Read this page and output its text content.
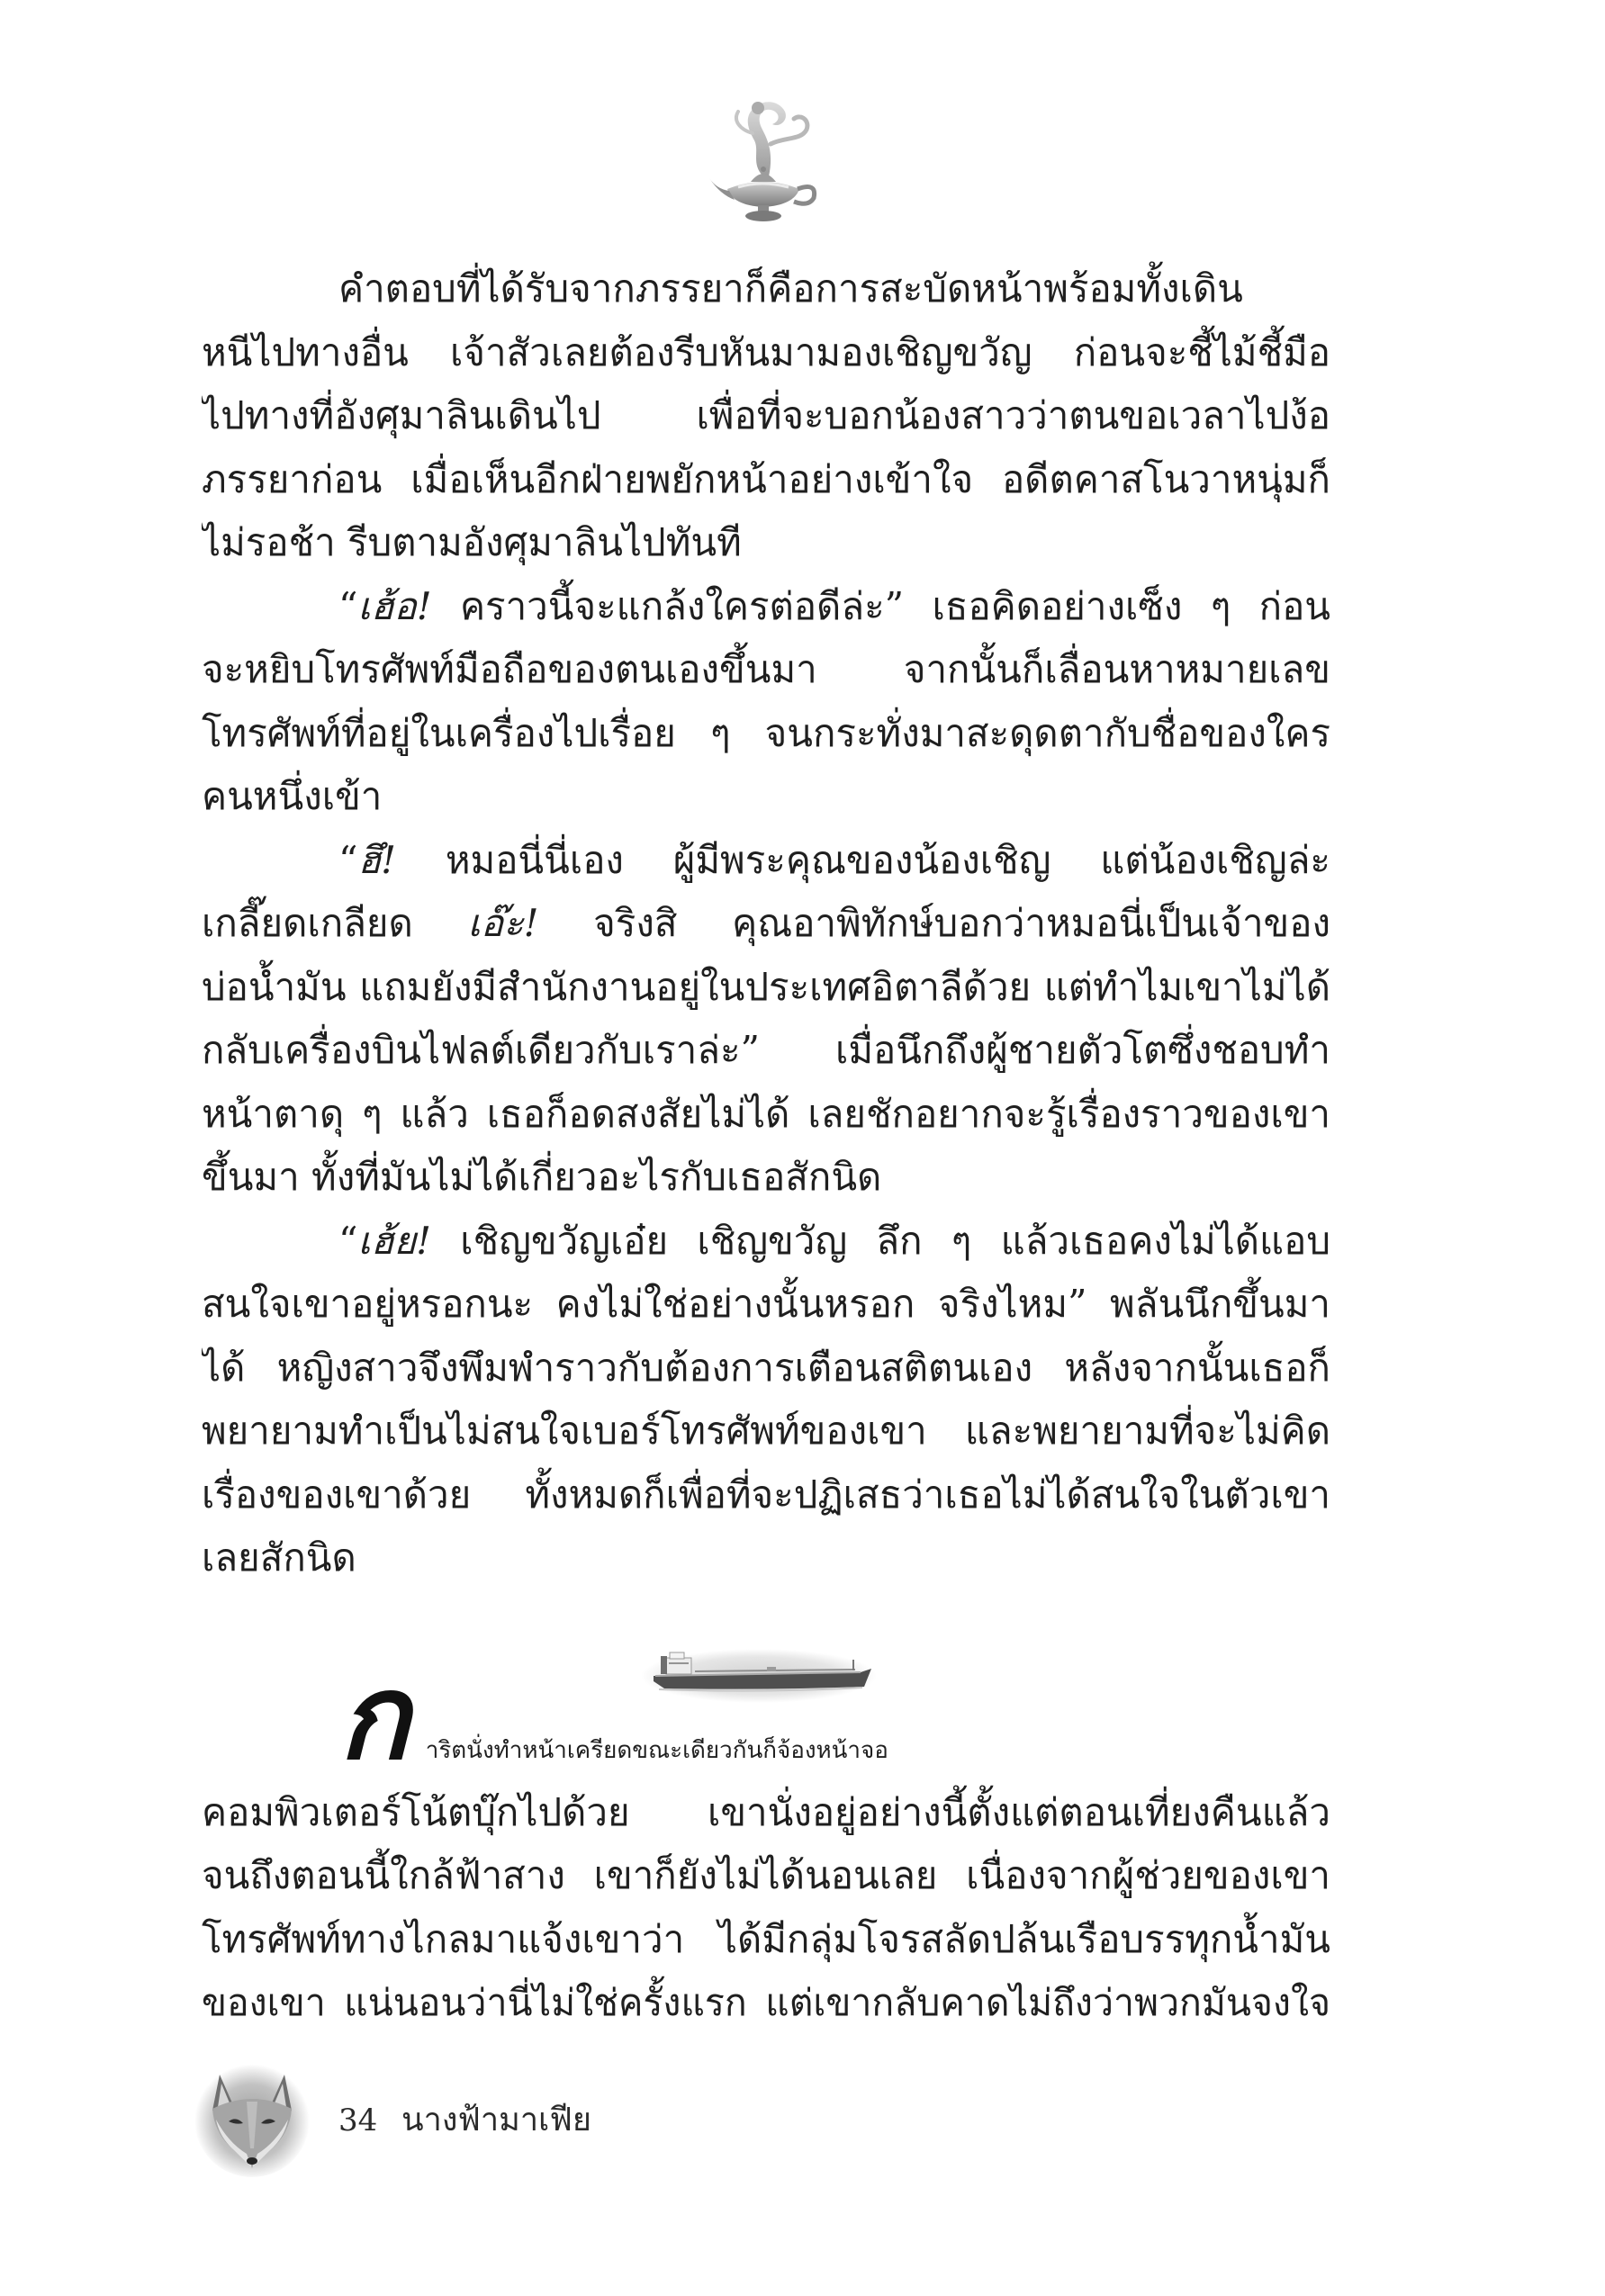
คำตอบที่ได้รับจากภรรยาก็คือการสะบัดหน้าพร้อมทั้งเดิน
หนีไปทางอื่น เจ้าสัวเลยต้องรีบหันมามองเชิญขวัญ ก่อนจะชี้ไม้ชี้มือ
ไปทางที่อังศุมาลินเดินไป เพื่อที่จะบอกน้องสาวว่าตนขอเวลาไปง้อ
ภรรยาก่อน เมื่อเห็นอีกฝ่ายพยักหน้าอย่างเข้าใจ อดีตคาสโนวาหนุ่มก็
ไม่รอช้า รีบตามอังศุมาลินไปทันที
“เฮ้อ! คราวนี้จะแกล้งใครต่อดีล่ะ” เธอคิดอย่างเซ็ง ๆ ก่อน
จะหยิบโทรศัพท์มือถือของตนเองขึ้นมา จากนั้นก็เลื่อนหาหมายเลข
โทรศัพท์ที่อยู่ในเครื่องไปเรื่อย ๆ จนกระทั่งมาสะดุดตากับชื่อของใคร
คนหนึ่งเข้า
“ฮึ! หมอนี่นี่เอง ผู้มีพระคุณของน้องเชิญ แต่น้องเชิญล่ะ
เกลี๊ยดเกลียด เอ๊ะ! จริงสิ คุณอาพิทักษ์บอกว่าหมอนี่เป็นเจ้าของ
บ่อน้ำมัน แถมยังมีสำนักงานอยู่ในประเทศอิตาลีด้วย แต่ทำไมเขาไม่ได้
กลับเครื่องบินไฟลต์เดียวกับเราล่ะ” เมื่อนึกถึงผู้ชายตัวโตซึ่งชอบทำ
หน้าตาดุ ๆ แล้ว เธอก็อดสงสัยไม่ได้ เลยชักอยากจะรู้เรื่องราวของเขา
ขึ้นมา ทั้งที่มันไม่ได้เกี่ยวอะไรกับเธอสักนิด
“เฮ้ย! เชิญขวัญเอ๋ย เชิญขวัญ ลึก ๆ แล้วเธอคงไม่ได้แอบ
สนใจเขาอยู่หรอกนะ คงไม่ใช่อย่างนั้นหรอก จริงไหม” พลันนึกขึ้นมา
ได้ หญิงสาวจึงพึมพำราวกับต้องการเตือนสติตนเอง หลังจากนั้นเธอก็
พยายามทำเป็นไม่สนใจเบอร์โทรศัพท์ของเขา และพยายามที่จะไม่คิด
เรื่องของเขาด้วย ทั้งหมดก็เพื่อที่จะปฏิเสธว่าเธอไม่ได้สนใจในตัวเขา
เลยสักนิด
การิตนั่งทำหน้าเครียดขณะเดียวกันก็จ้องหน้าจอ
คอมพิวเตอร์โน้ตบุ๊กไปด้วย เขานั่งอยู่อย่างนี้ตั้งแต่ตอนเที่ยงคืนแล้ว
จนถึงตอนนี้ใกล้ฟ้าสาง เขาก็ยังไม่ได้นอนเลย เนื่องจากผู้ช่วยของเขา
โทรศัพท์ทางไกลมาแจ้งเขาว่า ได้มีกลุ่มโจรสลัดปล้นเรือบรรทุกน้ำมัน
ของเขา แน่นอนว่านี่ไม่ใช่ครั้งแรก แต่เขากลับคาดไม่ถึงว่าพวกมันจงใจ
34 นางฟ้ามาเฟีย
